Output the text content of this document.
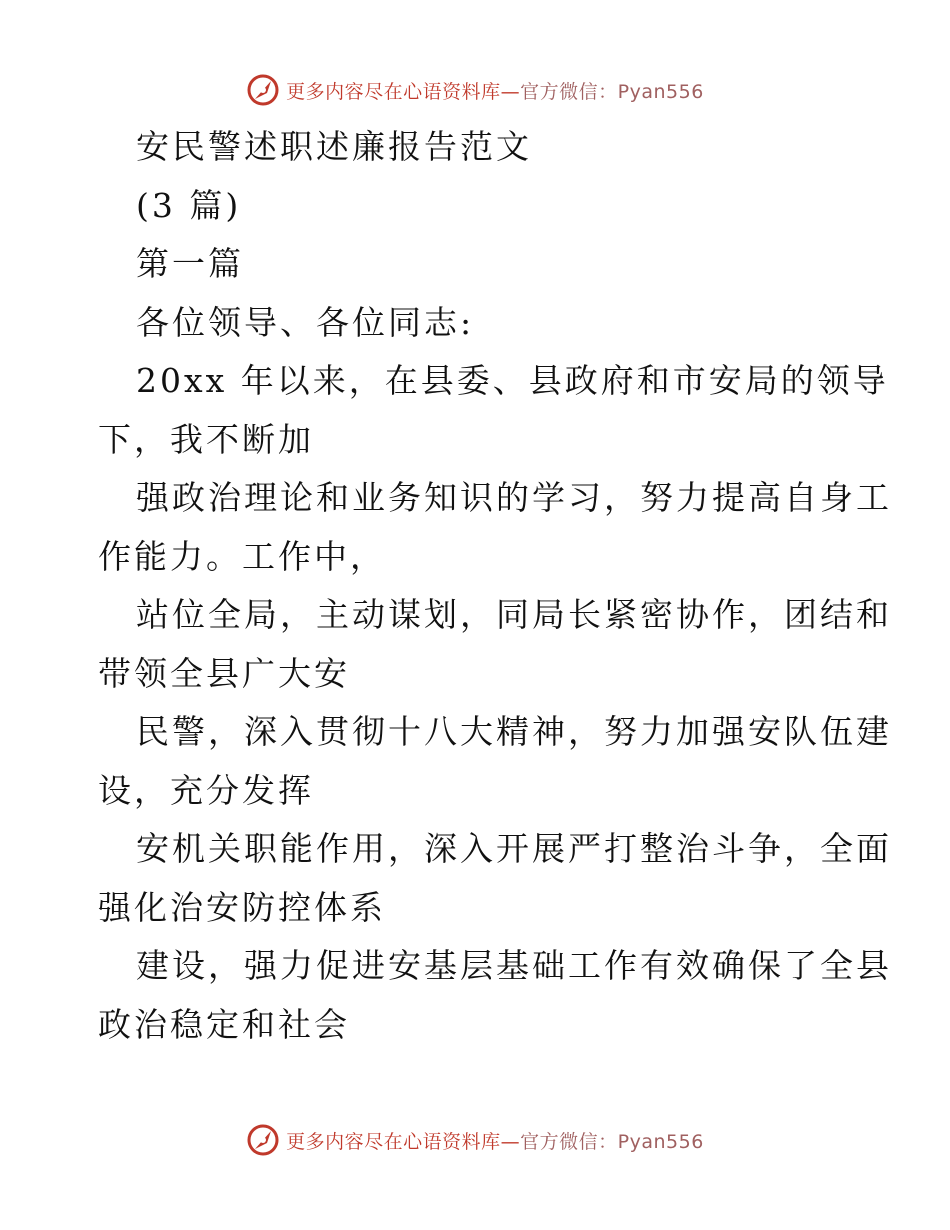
更多内容尽在心语资料库—官方微信：Pyan556
安民警述职述廉报告范文
(3 篇)
第一篇
各位领导、各位同志:
20xx 年以来，在县委、县政府和市安局的领导
下，我不断加
强政治理论和业务知识的学习，努力提高自身工
作能力。工作中，
站位全局，主动谋划，同局长紧密协作，团结和
带领全县广大安
民警，深入贯彻十八大精神，努力加强安队伍建
设，充分发挥
安机关职能作用，深入开展严打整治斗争，全面
强化治安防控体系
建设，强力促进安基层基础工作有效确保了全县
政治稳定和社会
更多内容尽在心语资料库—官方微信：Pyan556
